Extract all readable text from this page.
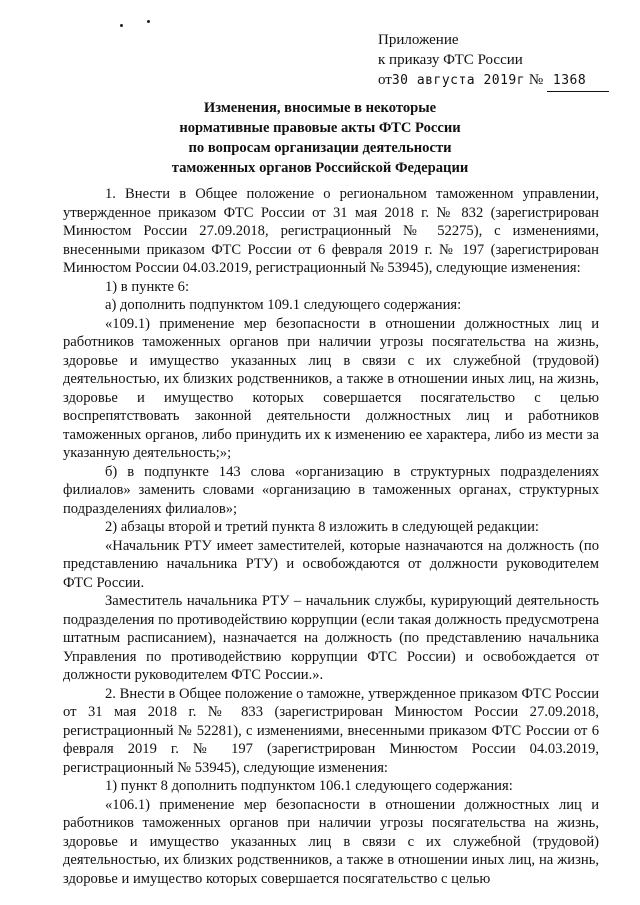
Приложение
к приказу ФТС России
от30 августа 2019г № 1368
Изменения, вносимые в некоторые
нормативные правовые акты ФТС России
по вопросам организации деятельности
таможенных органов Российской Федерации

1. Внести в Общее положение о региональном таможенном управлении, утвержденное приказом ФТС России от 31 мая 2018 г. № 832 (зарегистрирован Минюстом России 27.09.2018, регистрационный № 52275), с изменениями, внесенными приказом ФТС России от 6 февраля 2019 г. № 197 (зарегистрирован Минюстом России 04.03.2019, регистрационный № 53945), следующие изменения:

1) в пункте 6:

а) дополнить подпунктом 109.1 следующего содержания:

«109.1) применение мер безопасности в отношении должностных лиц и работников таможенных органов при наличии угрозы посягательства на жизнь, здоровье и имущество указанных лиц в связи с их служебной (трудовой) деятельностью, их близких родственников, а также в отношении иных лиц, на жизнь, здоровье и имущество которых совершается посягательство с целью воспрепятствовать законной деятельности должностных лиц и работников таможенных органов, либо принудить их к изменению ее характера, либо из мести за указанную деятельность;»;

б) в подпункте 143 слова «организацию в структурных подразделениях филиалов» заменить словами «организацию в таможенных органах, структурных подразделениях филиалов»;

2) абзацы второй и третий пункта 8 изложить в следующей редакции:

«Начальник РТУ имеет заместителей, которые назначаются на должность (по представлению начальника РТУ) и освобождаются от должности руководителем ФТС России.

Заместитель начальника РТУ – начальник службы, курирующий деятельность подразделения по противодействию коррупции (если такая должность предусмотрена штатным расписанием), назначается на должность (по представлению начальника Управления по противодействию коррупции ФТС России) и освобождается от должности руководителем ФТС России.».

2. Внести в Общее положение о таможне, утвержденное приказом ФТС России от 31 мая 2018 г. № 833 (зарегистрирован Минюстом России 27.09.2018, регистрационный № 52281), с изменениями, внесенными приказом ФТС России от 6 февраля 2019 г. № 197 (зарегистрирован Минюстом России 04.03.2019, регистрационный № 53945), следующие изменения:

1) пункт 8 дополнить подпунктом 106.1 следующего содержания:

«106.1) применение мер безопасности в отношении должностных лиц и работников таможенных органов при наличии угрозы посягательства на жизнь, здоровье и имущество указанных лиц в связи с их служебной (трудовой) деятельностью, их близких родственников, а также в отношении иных лиц, на жизнь, здоровье и имущество которых совершается посягательство с целью
